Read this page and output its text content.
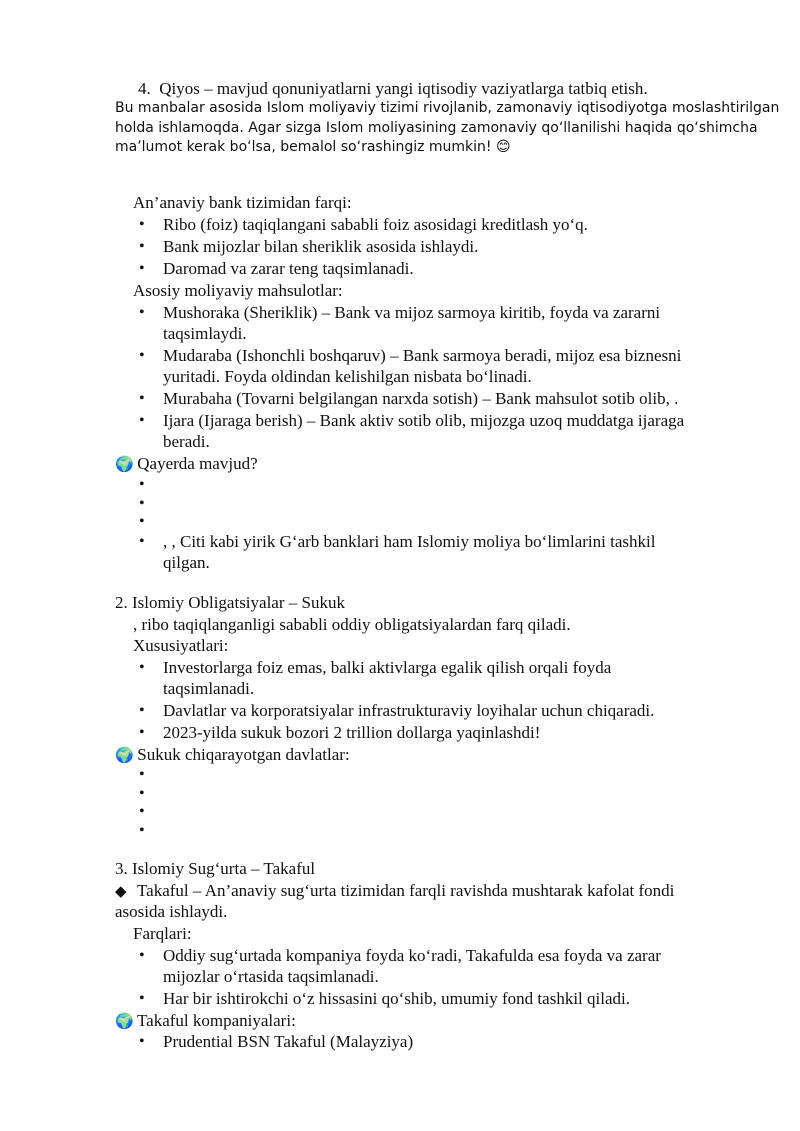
4.  Qiyos – mavjud qonuniyatlarni yangi iqtisodiy vaziyatlarga tatbiq etish.
Bu manbalar asosida Islom moliyaviy tizimi rivojlanib, zamonaviy iqtisodiyotga moslashtirilgan
holda ishlamoqda. Agar sizga Islom moliyasining zamonaviy qo‘llanilishi haqida qo‘shimcha
ma’lumot kerak bo‘lsa, bemalol so‘rashingiz mumkin! 😊
An’anaviy bank tizimidan farqi:
• Ribo (foiz) taqiqlangani sababli foiz asosidagi kreditlash yo‘q.
• Bank mijozlar bilan sheriklik asosida ishlaydi.
• Daromad va zarar teng taqsimlanadi.
Asosiy moliyaviy mahsulotlar:
• Mushoraka (Sheriklik) – Bank va mijoz sarmoya kiritib, foyda va zararni
taqsimlaydi.
• Mudaraba (Ishonchli boshqaruv) – Bank sarmoya beradi, mijoz esa biznesni
yuritadi. Foyda oldindan kelishilgan nisbata bo‘linadi.
• Murabaha (Tovarni belgilangan narxda sotish) – Bank mahsulot sotib olib, .
• Ijara (Ijaraga berish) – Bank aktiv sotib olib, mijozga uzoq muddatga ijaraga
beradi.
🌍 Qayerda mavjud?
•
•
•
• , , Citi kabi yirik G‘arb banklari ham Islomiy moliya bo‘limlarini tashkil
qilgan.
2. Islomiy Obligatsiyalar – Sukuk
, ribo taqiqlanganligi sababli oddiy obligatsiyalardan farq qiladi.
Xususiyatlari:
• Investorlarga foiz emas, balki aktivlarga egalik qilish orqali foyda
taqsimlanadi.
• Davlatlar va korporatsiyalar infrastrukturaviy loyihalar uchun chiqaradi.
• 2023-yilda sukuk bozori 2 trillion dollarga yaqinlashdi!
🌍 Sukuk chiqarayotgan davlatlar:
•
•
•
•
3. Islomiy Sug‘urta – Takaful
◆ Takaful – An’anaviy sug‘urta tizimidan farqli ravishda mushtarak kafolat fondi
asosida ishlaydi.
Farqlari:
• Oddiy sug‘urtada kompaniya foyda ko‘radi, Takafulda esa foyda va zarar
mijozlar o‘rtasida taqsimlanadi.
• Har bir ishtirokchi o‘z hissasini qo‘shib, umumiy fond tashkil qiladi.
🌍 Takaful kompaniyalari:
• Prudential BSN Takaful (Malayziya)
